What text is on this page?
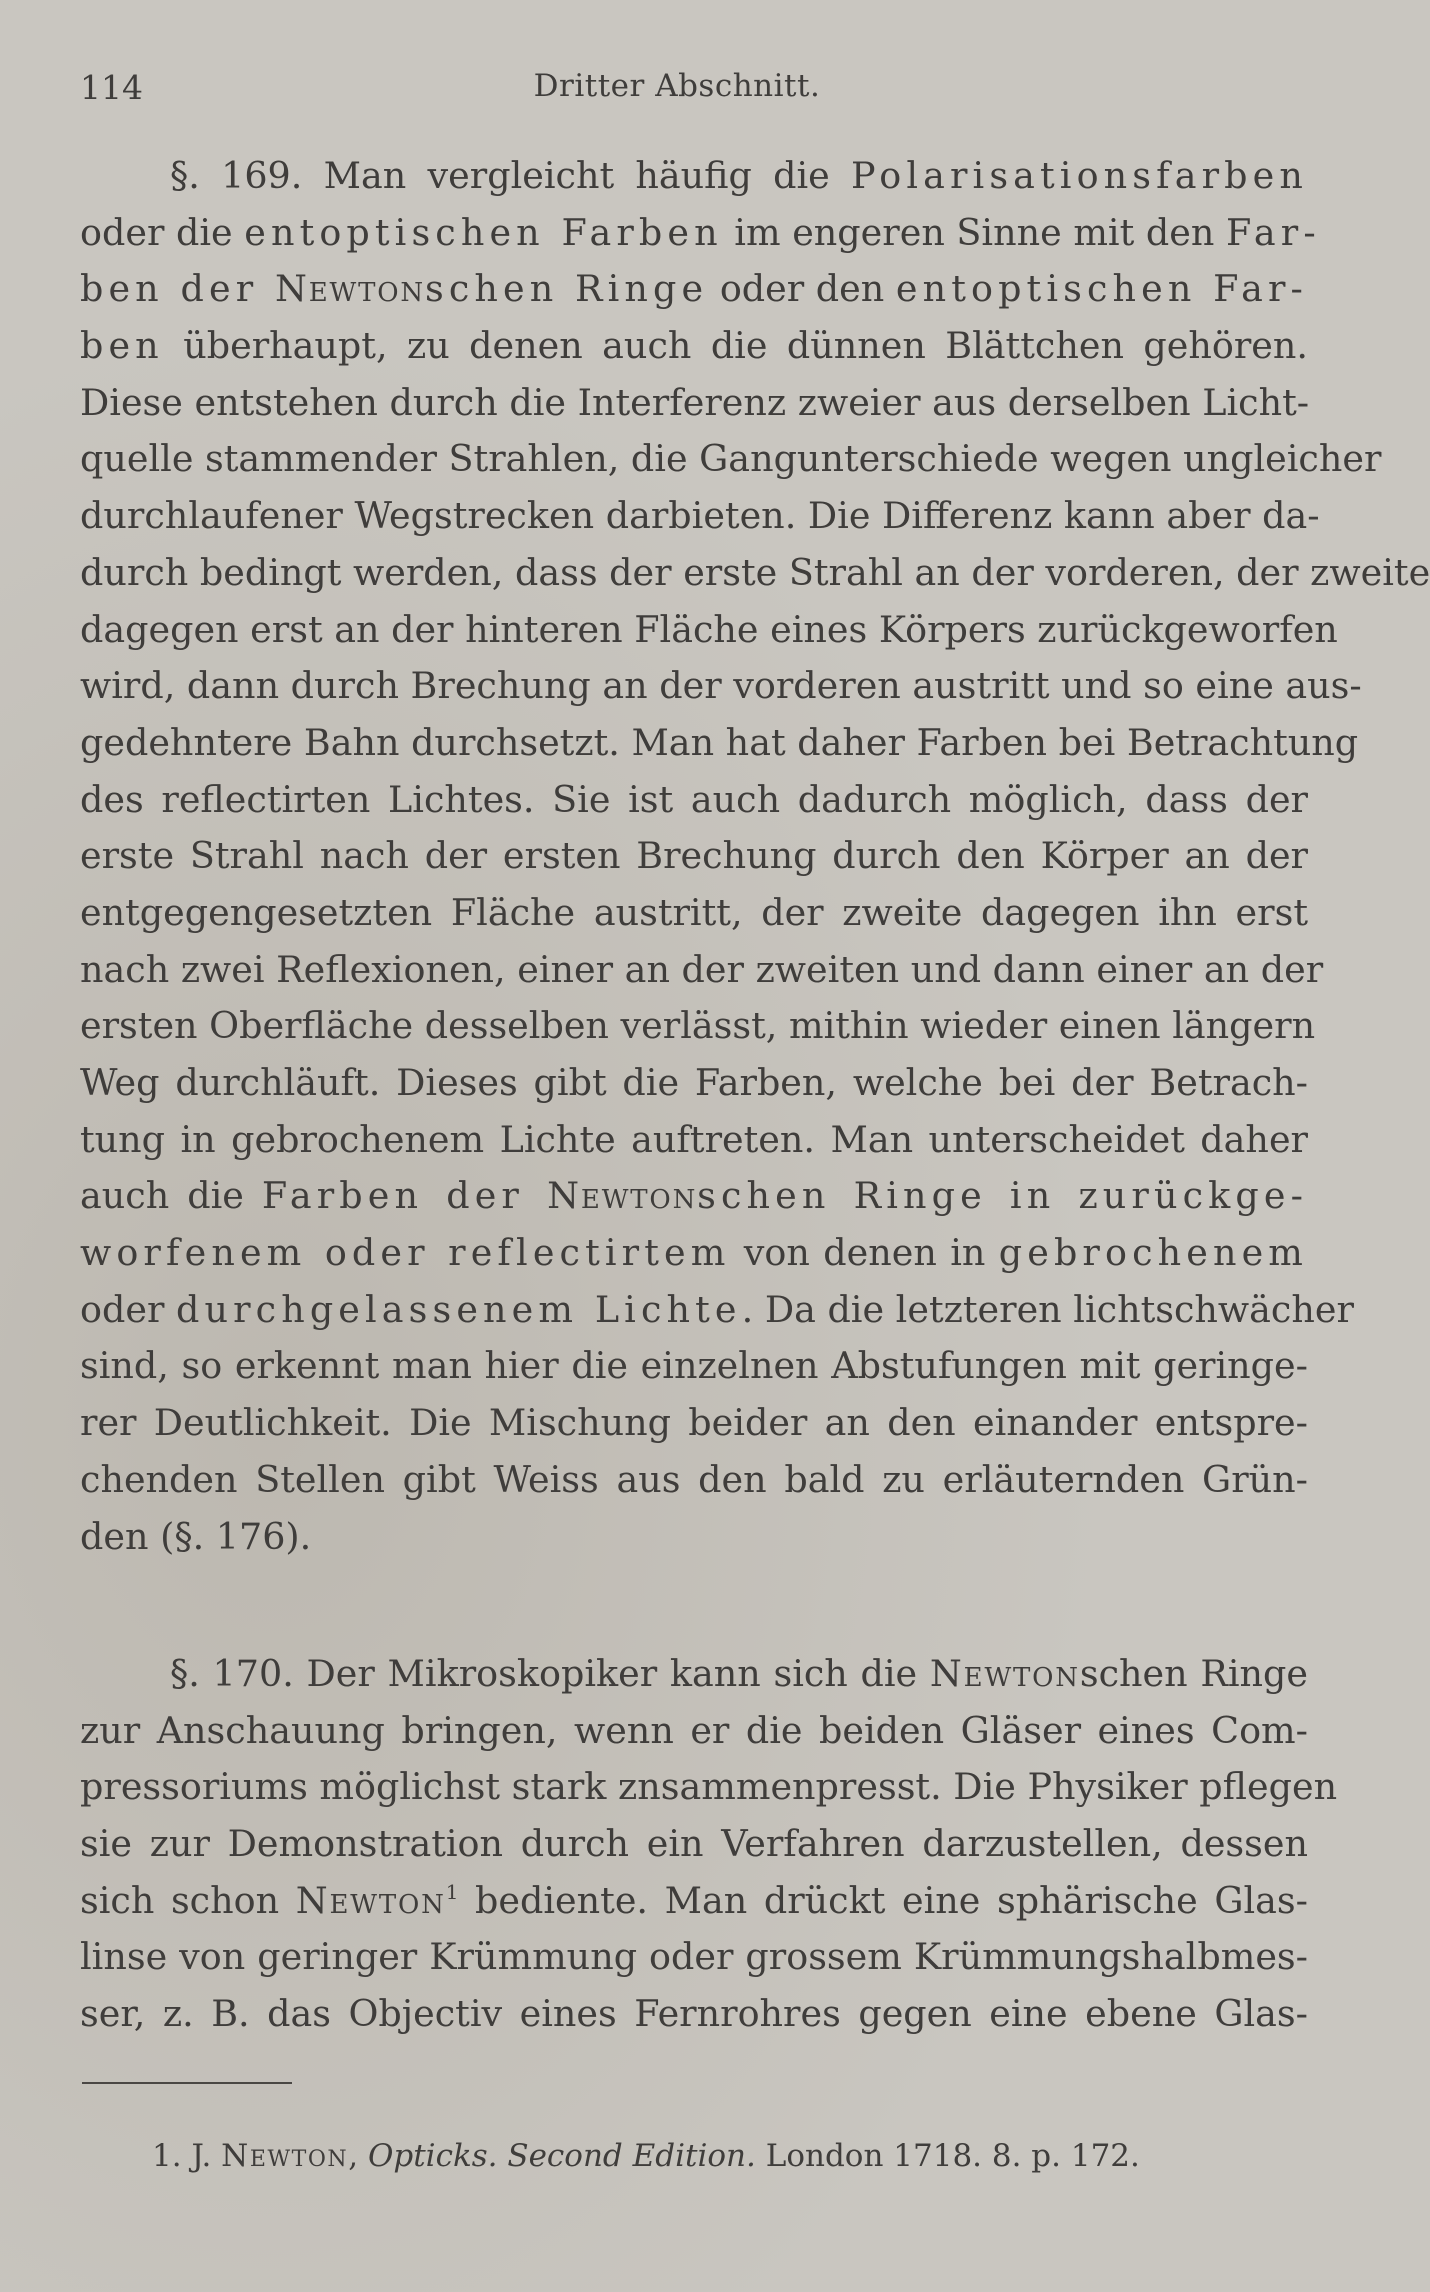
114	Dritter Abschnitt.
§. 169. Man vergleicht häufig die Polarisationsfarben
oder die entoptischen Farben im engeren Sinne mit den Far-
ben der Newtonschen Ringe oder den entoptischen Far-
ben überhaupt, zu denen auch die dünnen Blättchen gehören.
Diese entstehen durch die Interferenz zweier aus derselben Licht-
quelle stammender Strahlen, die Gangunterschiede wegen ungleicher
durchlaufener Wegstrecken darbieten. Die Differenz kann aber da-
durch bedingt werden, dass der erste Strahl an der vorderen, der zweite
dagegen erst an der hinteren Fläche eines Körpers zurückgeworfen
wird, dann durch Brechung an der vorderen austritt und so eine aus-
gedehntere Bahn durchsetzt. Man hat daher Farben bei Betrachtung
des reflectirten Lichtes. Sie ist auch dadurch möglich, dass der
erste Strahl nach der ersten Brechung durch den Körper an der
entgegengesetzten Fläche austritt, der zweite dagegen ihn erst
nach zwei Reflexionen, einer an der zweiten und dann einer an der
ersten Oberfläche desselben verlässt, mithin wieder einen längern
Weg durchläuft. Dieses gibt die Farben, welche bei der Betrach-
tung in gebrochenem Lichte auftreten. Man unterscheidet daher
auch die Farben der Newtonschen Ringe in zurückge-
worfenem oder reflectirtem von denen in gebrochenem
oder durchgelassenem Lichte. Da die letzteren lichtschwächer
sind, so erkennt man hier die einzelnen Abstufungen mit geringe-
rer Deutlichkeit. Die Mischung beider an den einander entspre-
chenden Stellen gibt Weiss aus den bald zu erläuternden Grün-
den (§. 176).
§. 170. Der Mikroskopiker kann sich die Newtonschen Ringe
zur Anschauung bringen, wenn er die beiden Gläser eines Com-
pressoriums möglichst stark znsammenpresst. Die Physiker pflegen
sie zur Demonstration durch ein Verfahren darzustellen, dessen
sich schon Newton$^1$ bediente. Man drückt eine sphärische Glas-
linse von geringer Krümmung oder grossem Krümmungshalbmes-
ser, z. B. das Objectiv eines Fernrohres gegen eine ebene Glas-
1. J. Newton, Opticks. Second Edition. London 1718. 8. p. 172.
